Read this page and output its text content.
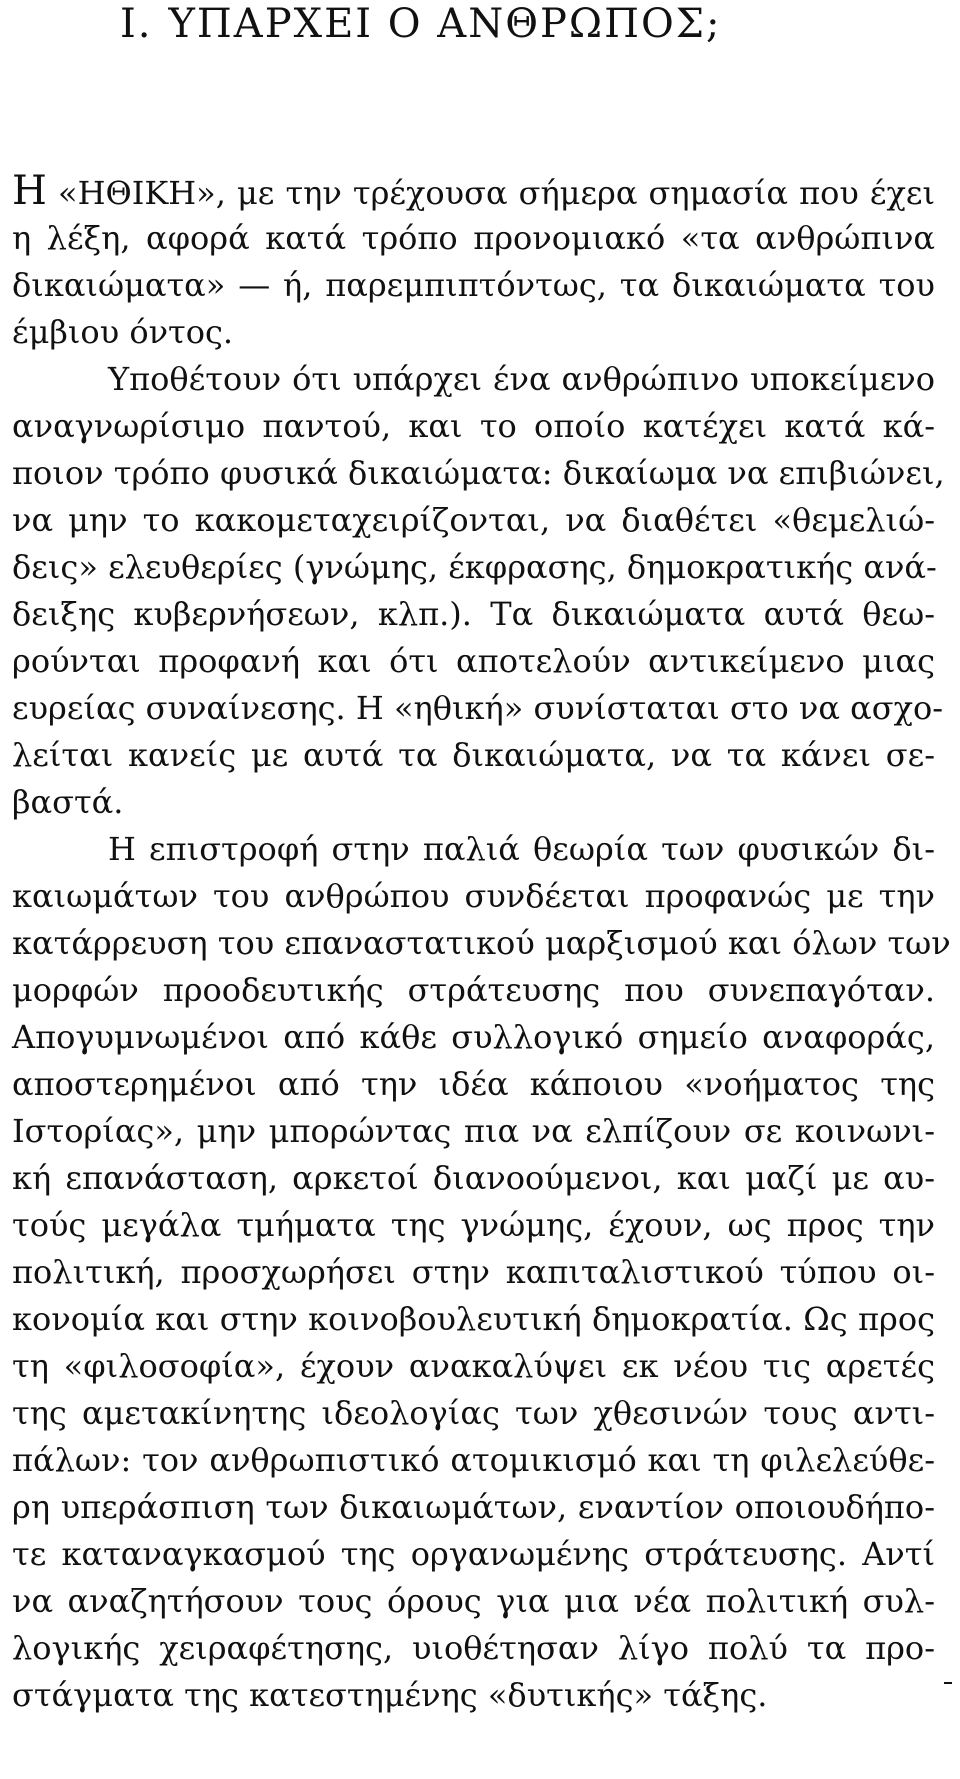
I. ΥΠΑΡΧΕΙ Ο ΑΝΘΡΩΠΟΣ;
Η «ΗΘΙΚΗ», με την τρέχουσα σήμερα σημασία που έχει
η λέξη, αφορά κατά τρόπο προνομιακό «τα ανθρώπινα
δικαιώματα» — ή, παρεμπιπτόντως, τα δικαιώματα του
έμβιου όντος.
Υποθέτουν ότι υπάρχει ένα ανθρώπινο υποκείμενο
αναγνωρίσιμο παντού, και το οποίο κατέχει κατά κά-
ποιον τρόπο φυσικά δικαιώματα: δικαίωμα να επιβιώνει,
να μην το κακομεταχειρίζονται, να διαθέτει «θεμελιώ-
δεις» ελευθερίες (γνώμης, έκφρασης, δημοκρατικής ανά-
δειξης κυβερνήσεων, κλπ.). Τα δικαιώματα αυτά θεω-
ρούνται προφανή και ότι αποτελούν αντικείμενο μιας
ευρείας συναίνεσης. Η «ηθική» συνίσταται στο να ασχο-
λείται κανείς με αυτά τα δικαιώματα, να τα κάνει σε-
βαστά.
Η επιστροφή στην παλιά θεωρία των φυσικών δι-
καιωμάτων του ανθρώπου συνδέεται προφανώς με την
κατάρρευση του επαναστατικού μαρξισμού και όλων των
μορφών προοδευτικής στράτευσης που συνεπαγόταν.
Απογυμνωμένοι από κάθε συλλογικό σημείο αναφοράς,
αποστερημένοι από την ιδέα κάποιου «νοήματος της
Ιστορίας», μην μπορώντας πια να ελπίζουν σε κοινωνι-
κή επανάσταση, αρκετοί διανοούμενοι, και μαζί με αυ-
τούς μεγάλα τμήματα της γνώμης, έχουν, ως προς την
πολιτική, προσχωρήσει στην καπιταλιστικού τύπου οι-
κονομία και στην κοινοβουλευτική δημοκρατία. Ως προς
τη «φιλοσοφία», έχουν ανακαλύψει εκ νέου τις αρετές
της αμετακίνητης ιδεολογίας των χθεσινών τους αντι-
πάλων: τον ανθρωπιστικό ατομικισμό και τη φιλελεύθε-
ρη υπεράσπιση των δικαιωμάτων, εναντίον οποιουδήπο-
τε καταναγκασμού της οργανωμένης στράτευσης. Αντί
να αναζητήσουν τους όρους για μια νέα πολιτική συλ-
λογικής χειραφέτησης, υιοθέτησαν λίγο πολύ τα προ-
στάγματα της κατεστημένης «δυτικής» τάξης.
